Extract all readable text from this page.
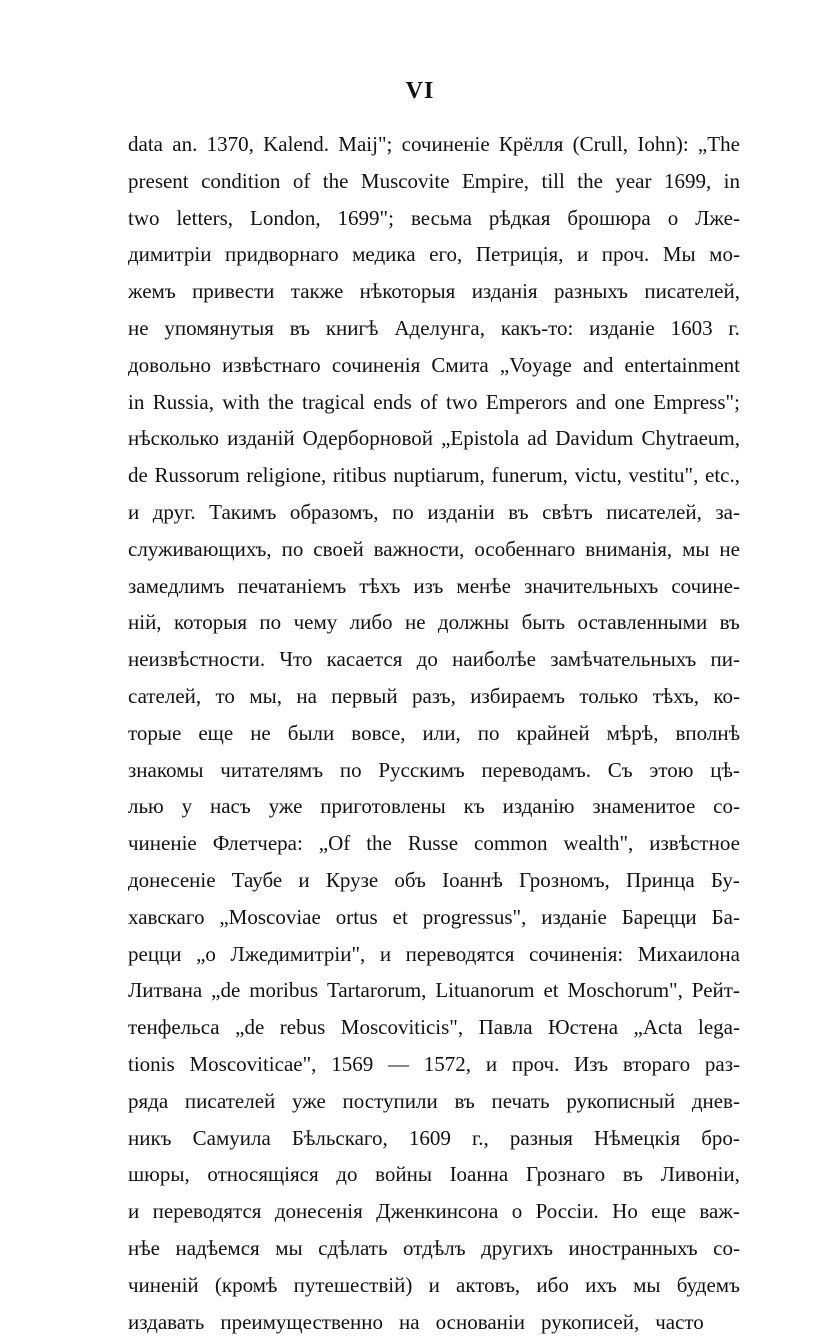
VI
data an. 1370, Kalend. Maij"; сочиненіе Крёлля (Crull, Iohn): „The
present condition of the Muscovite Empire, till the year 1699, in
two letters, London, 1699"; весьма рѣдкая брошюра о Лже-
димитріи придворнаго медика его, Петриція, и проч. Мы мо-
жемъ привести также нѣкоторыя изданія разныхъ писателей,
не упомянутыя въ книгѣ Аделунга, какъ-то: изданіе 1603 г.
довольно извѣстнаго сочиненія Смита „Voyage and entertainment
in Russia, with the tragical ends of two Emperors and one Empress";
нѣсколько изданій Одерборновой „Epistola ad Davidum Chytraeum,
de Russorum religione, ritibus nuptiarum, funerum, victu, vestitu", etc.,
и друг. Такимъ образомъ, по изданіи въ свѣтъ писателей, за-
служивающихъ, по своей важности, особеннаго вниманія, мы не
замедлимъ печатаніемъ тѣхъ изъ менѣе значительныхъ сочине-
ній, которыя по чему либо не должны быть оставленными въ
неизвѣстности. Что касается до наиболѣе замѣчательныхъ пи-
сателей, то мы, на первый разъ, избираемъ только тѣхъ, ко-
торые еще не были вовсе, или, по крайней мѣрѣ, вполнѣ
знакомы читателямъ по Русскимъ переводамъ. Съ этою цѣ-
лью у насъ уже приготовлены къ изданію знаменитое со-
чиненіе Флетчера: „Of the Russe common wealth", извѣстное
донесеніе Таубе и Крузе объ Іоаннѣ Грозномъ, Принца Бу-
хавскаго „Moscoviae ortus et progressus", изданіе Барецци Ба-
рецци „о Лжедимитріи", и переводятся сочиненія: Михаилона
Литвана „de moribus Tartarorum, Lituanorum et Moschorum", Рейт-
тенфельса „de rebus Moscoviticis", Павла Юстена „Acta lega-
tionis Moscoviticae", 1569 — 1572, и проч. Изъ втораго раз-
ряда писателей уже поступили въ печать рукописный днев-
никъ Самуила Бѣльскаго, 1609 г., разныя Нѣмецкія бро-
шюры, относящіяся до войны Іоанна Грознаго въ Ливоніи,
и переводятся донесенія Дженкинсона о Россіи. Но еще важ-
нѣе надѣемся мы сдѣлать отдѣлъ другихъ иностранныхъ со-
чиненій (кромѣ путешествій) и актовъ, ибо ихъ мы будемъ
издавать преимущественно на основаніи рукописей, часто
